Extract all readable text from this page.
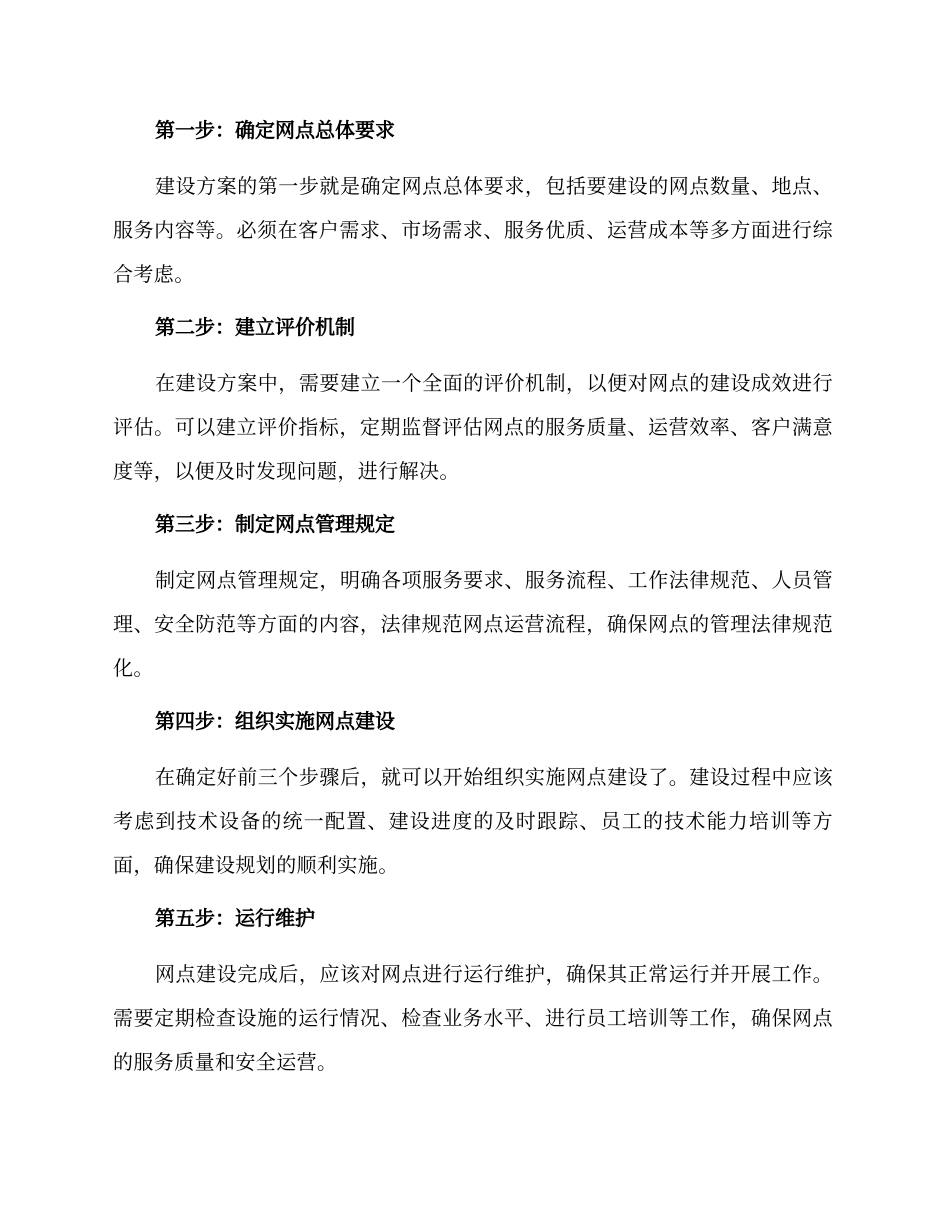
第一步：确定网点总体要求

建设方案的第一步就是确定网点总体要求，包括要建设的网点数量、地点、服务内容等。必须在客户需求、市场需求、服务优质、运营成本等多方面进行综合考虑。

第二步：建立评价机制

在建设方案中，需要建立一个全面的评价机制，以便对网点的建设成效进行评估。可以建立评价指标，定期监督评估网点的服务质量、运营效率、客户满意度等，以便及时发现问题，进行解决。

第三步：制定网点管理规定

制定网点管理规定，明确各项服务要求、服务流程、工作法律规范、人员管理、安全防范等方面的内容，法律规范网点运营流程，确保网点的管理法律规范化。

第四步：组织实施网点建设

在确定好前三个步骤后，就可以开始组织实施网点建设了。建设过程中应该考虑到技术设备的统一配置、建设进度的及时跟踪、员工的技术能力培训等方面，确保建设规划的顺利实施。

第五步：运行维护

网点建设完成后，应该对网点进行运行维护，确保其正常运行并开展工作。需要定期检查设施的运行情况、检查业务水平、进行员工培训等工作，确保网点的服务质量和安全运营。
